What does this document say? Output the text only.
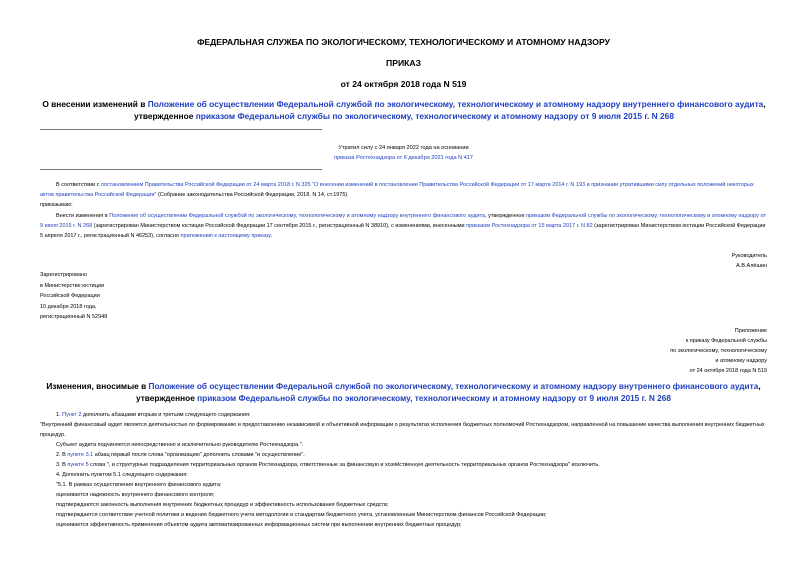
ФЕДЕРАЛЬНАЯ СЛУЖБА ПО ЭКОЛОГИЧЕСКОМУ, ТЕХНОЛОГИЧЕСКОМУ И АТОМНОМУ НАДЗОРУ
ПРИКАЗ
от 24 октября 2018 года N 519
О внесении изменений в Положение об осуществлении Федеральной службой по экологическому, технологическому и атомному надзору внутреннего финансового аудита, утвержденное приказом Федеральной службы по экологическому, технологическому и атомному надзору от 9 июля 2015 г. N 268
Утратил силу с 24 января 2022 года на основании
приказа Ростехнадзора от 6 декабря 2021 года N 417
В соответствии с постановлением Правительства Российской Федерации от 24 марта 2018 г. N 325 "О внесении изменений в постановление Правительства Российской Федерации от 17 марта 2014 г. N 193 и признании утратившими силу отдельных положений некоторых актов правительства Российской Федерации" (Собрание законодательства Российской Федерации, 2018, N 14, ст.1975)
приказываю:
Внести изменения в Положение об осуществлении Федеральной службой по экологическому, технологическому и атомному надзору внутреннего финансового аудита, утвержденное приказом Федеральной службы по экологическому, технологическому и атомному надзору от 9 июля 2015 г. N 268 (зарегистрирован Министерством юстиции Российской Федерации 17 сентября 2015 г., регистрационный N 38910), с изменениями, внесенными приказом Ростехнадзора от 15 марта 2017 г. N 82 (зарегистрирован Министерством юстиции Российской Федерации 5 апреля 2017 г., регистрационный N 46253), согласно приложению к настоящему приказу.
Руководитель
А.В.Алёшин
Зарегистрировано
в Министерстве юстиции
Российской Федерации
10 декабря 2018 года,
регистрационный N 52948
Приложение
к приказу Федеральной службы
по экологическому, технологическому
и атомному надзору
от 24 октября 2018 года N 519
Изменения, вносимые в Положение об осуществлении Федеральной службой по экологическому, технологическому и атомному надзору внутреннего финансового аудита, утвержденное приказом Федеральной службы по экологическому, технологическому и атомному надзору от 9 июля 2015 г. N 268

1. Пункт 2 дополнить абзацами вторым и третьим следующего содержания:

"Внутренний финансовый аудит является деятельностью по формированию и предоставлению независимой и объективной информации о результатах исполнения бюджетных полномочий Ростехнадзором, направленной на повышение качества выполнения внутренних бюджетных процедур.

Субъект аудита подчиняется непосредственно и исключительно руководителю Ростехнадзора.".

2. В пункте 3.1 абзац первый после слова "организацию" дополнить словами "и осуществление".

3. В пункте 5 слова ", и структурные подразделения территориальных органов Ростехнадзора, ответственные за финансовую и хозяйственную деятельность территориальных органов Ростехнадзора" исключить.

4. Дополнить пунктом 5.1 следующего содержания:

"5.1. В рамках осуществления внутреннего финансового аудита:

оценивается надежность внутреннего финансового контроля;

подтверждаются законность выполнения внутренних бюджетных процедур и эффективность использования бюджетных средств;

подтверждается соответствие учетной политики и ведения бюджетного учета методологии и стандартам бюджетного учета, установленным Министерством финансов Российской Федерации;

оценивается эффективность применения объектом аудита автоматизированных информационных систем при выполнении внутренних бюджетных процедур;
